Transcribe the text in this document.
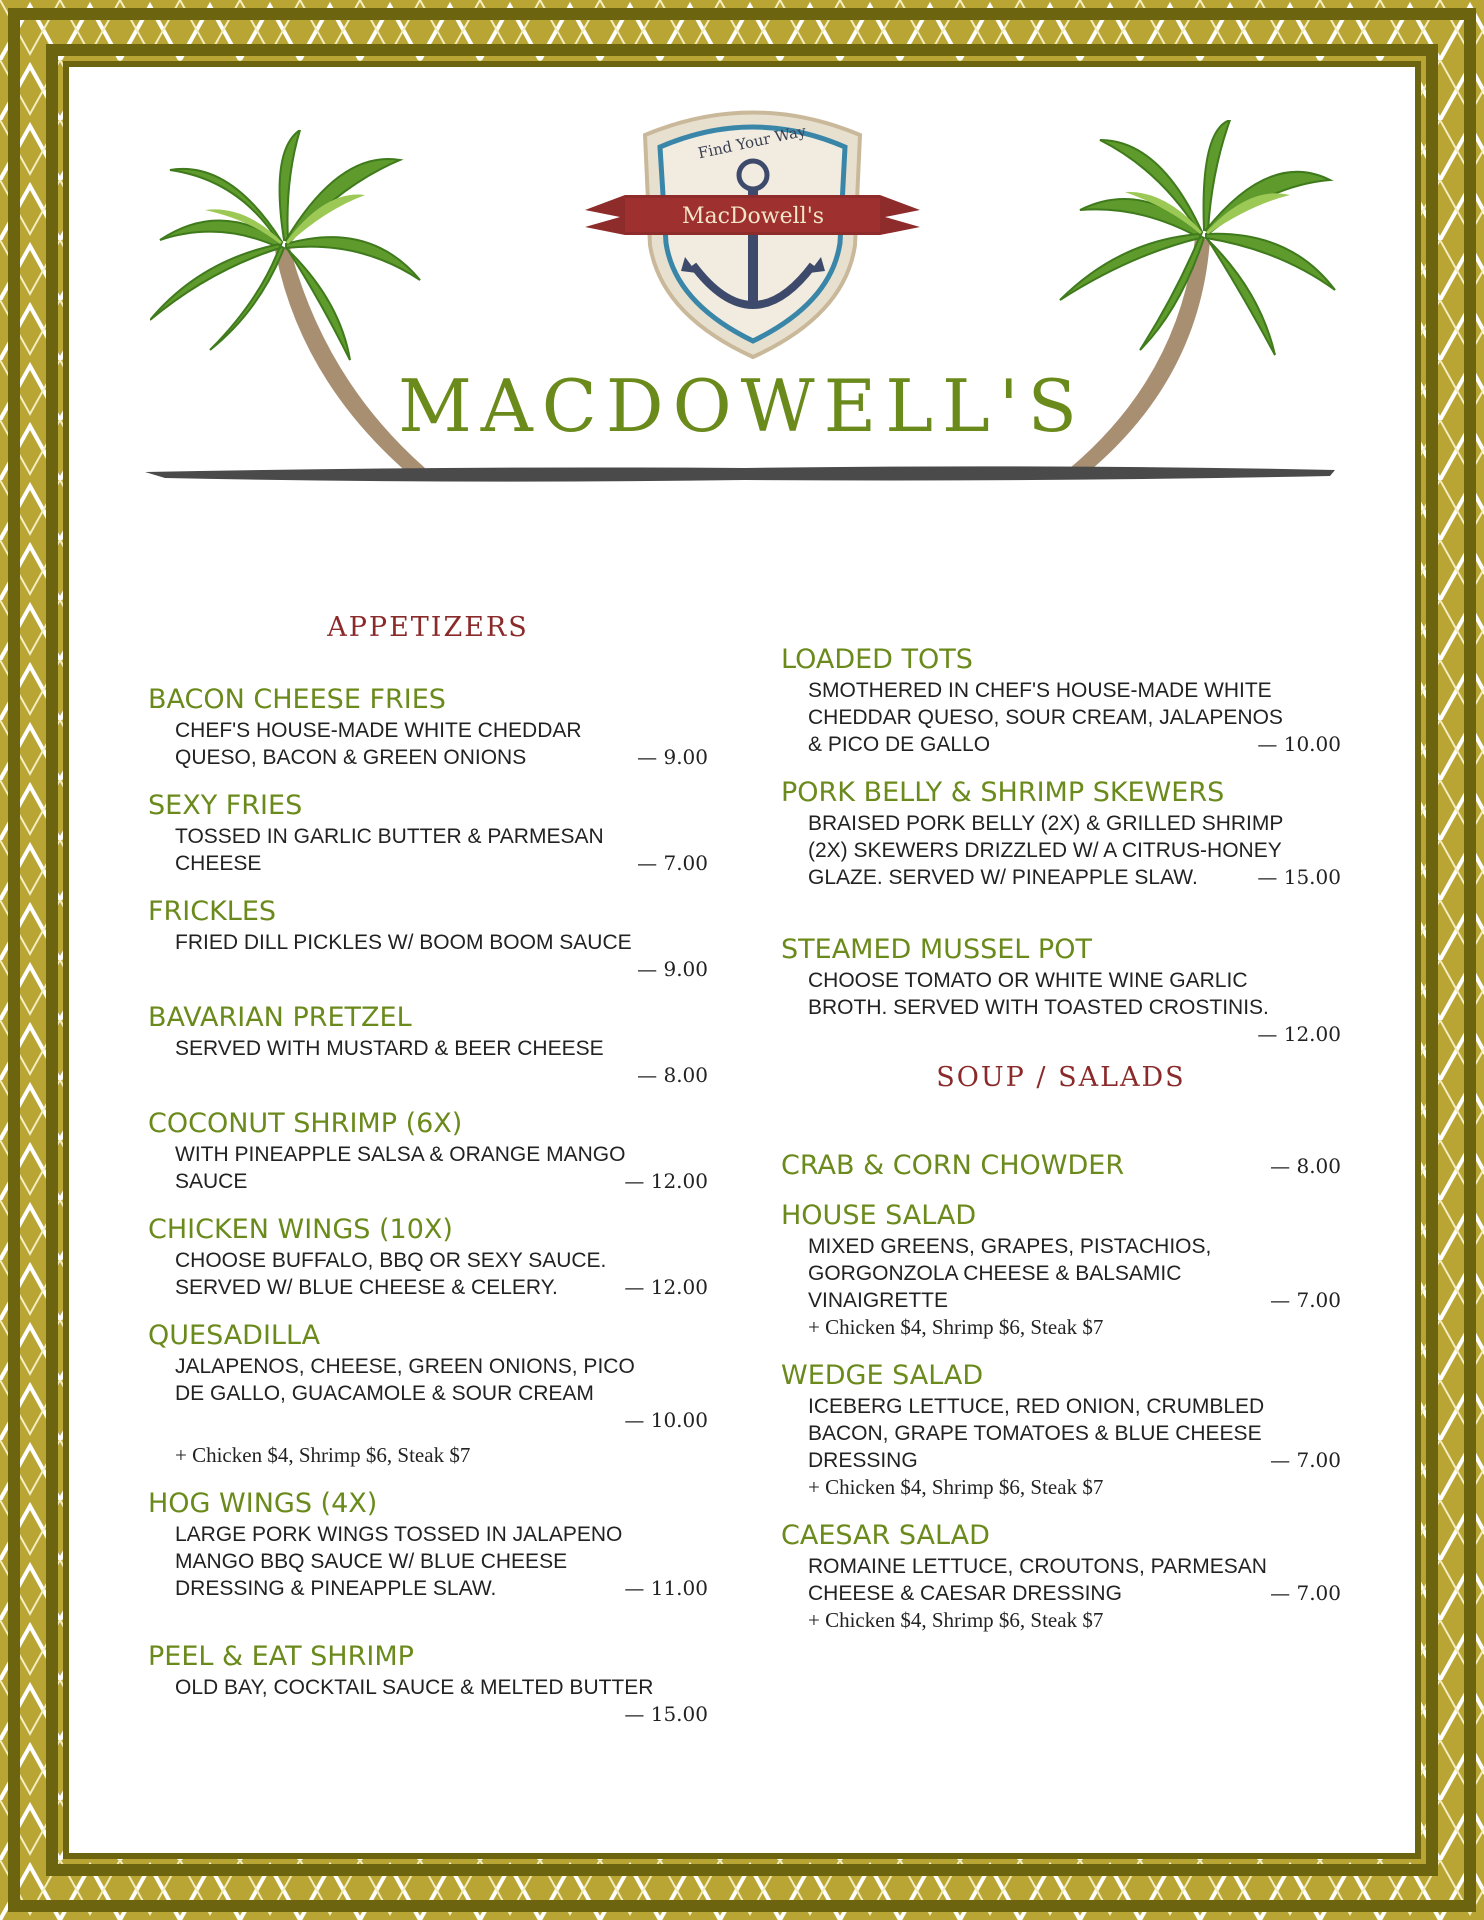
Find Your Way
MacDowell's
MACDOWELL'S
APPETIZERS

BACON CHEESE FRIES

CHEF'S HOUSE-MADE WHITE CHEDDAR
QUESO, BACON & GREEN ONIONS	— 9.00

SEXY FRIES

TOSSED IN GARLIC BUTTER & PARMESAN
CHEESE	— 7.00

FRICKLES

FRIED DILL PICKLES W/ BOOM BOOM SAUCE

— 9.00

BAVARIAN PRETZEL

SERVED WITH MUSTARD & BEER CHEESE

— 8.00

COCONUT SHRIMP (6X)

WITH PINEAPPLE SALSA & ORANGE MANGO
SAUCE	— 12.00

CHICKEN WINGS (10X)

CHOOSE BUFFALO, BBQ OR SEXY SAUCE.
SERVED W/ BLUE CHEESE & CELERY.	— 12.00

QUESADILLA

JALAPENOS, CHEESE, GREEN ONIONS, PICO
DE GALLO, GUACAMOLE & SOUR CREAM

— 10.00

+ Chicken $4, Shrimp $6, Steak $7

HOG WINGS (4X)

LARGE PORK WINGS TOSSED IN JALAPENO
MANGO BBQ SAUCE W/ BLUE CHEESE
DRESSING & PINEAPPLE SLAW.	— 11.00

PEEL & EAT SHRIMP

OLD BAY, COCKTAIL SAUCE & MELTED BUTTER

— 15.00

LOADED TOTS

SMOTHERED IN CHEF'S HOUSE-MADE WHITE
CHEDDAR QUESO, SOUR CREAM, JALAPENOS
& PICO DE GALLO	— 10.00

PORK BELLY & SHRIMP SKEWERS

BRAISED PORK BELLY (2X) & GRILLED SHRIMP
(2X) SKEWERS DRIZZLED W/ A CITRUS-HONEY
GLAZE. SERVED W/ PINEAPPLE SLAW.	— 15.00

STEAMED MUSSEL POT

CHOOSE TOMATO OR WHITE WINE GARLIC
BROTH. SERVED WITH TOASTED CROSTINIS.

— 12.00
SOUP / SALADS

CRAB & CORN CHOWDER	— 8.00

HOUSE SALAD

MIXED GREENS, GRAPES, PISTACHIOS,
GORGONZOLA CHEESE & BALSAMIC
VINAIGRETTE	— 7.00

+ Chicken $4, Shrimp $6, Steak $7

WEDGE SALAD

ICEBERG LETTUCE, RED ONION, CRUMBLED
BACON, GRAPE TOMATOES & BLUE CHEESE
DRESSING	— 7.00

+ Chicken $4, Shrimp $6, Steak $7

CAESAR SALAD

ROMAINE LETTUCE, CROUTONS, PARMESAN
CHEESE & CAESAR DRESSING	— 7.00

+ Chicken $4, Shrimp $6, Steak $7
